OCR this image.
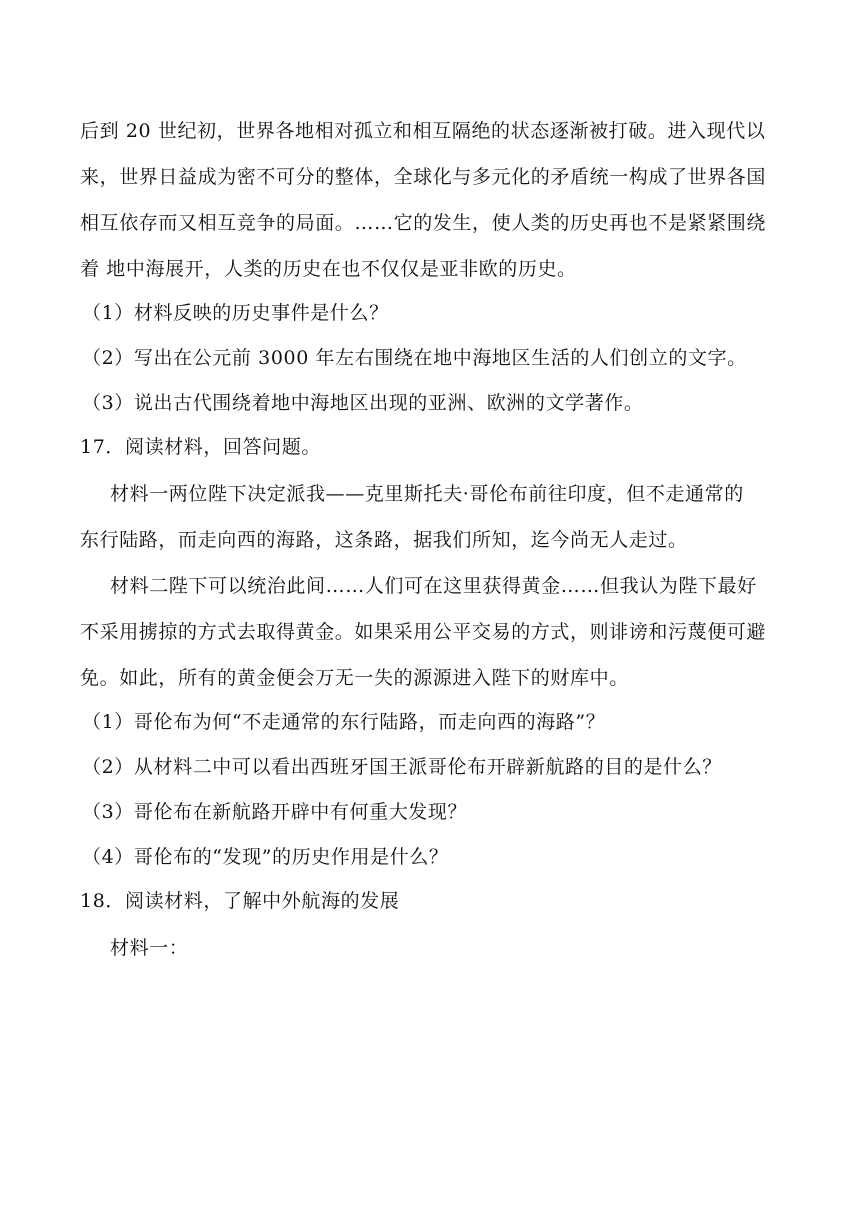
后到 20 世纪初，世界各地相对孤立和相互隔绝的状态逐渐被打破。进入现代以
来，世界日益成为密不可分的整体，全球化与多元化的矛盾统一构成了世界各国
相互依存而又相互竞争的局面。……它的发生，使人类的历史再也不是紧紧围绕
着 地中海展开，人类的历史在也不仅仅是亚非欧的历史。
（1）材料反映的历史事件是什么？
（2）写出在公元前 3000 年左右围绕在地中海地区生活的人们创立的文字。
（3）说出古代围绕着地中海地区出现的亚洲、欧洲的文学著作。
17．阅读材料，回答问题。
材料一两位陛下决定派我——克里斯托夫·哥伦布前往印度，但不走通常的
东行陆路，而走向西的海路，这条路，据我们所知，迄今尚无人走过。
材料二陛下可以统治此间……人们可在这里获得黄金……但我认为陛下最好
不采用掳掠的方式去取得黄金。如果采用公平交易的方式，则诽谤和污蔑便可避
免。如此，所有的黄金便会万无一失的源源进入陛下的财库中。
（1）哥伦布为何“不走通常的东行陆路，而走向西的海路”？
（2）从材料二中可以看出西班牙国王派哥伦布开辟新航路的目的是什么？
（3）哥伦布在新航路开辟中有何重大发现？
（4）哥伦布的“发现”的历史作用是什么？
18．阅读材料，了解中外航海的发展
材料一：
